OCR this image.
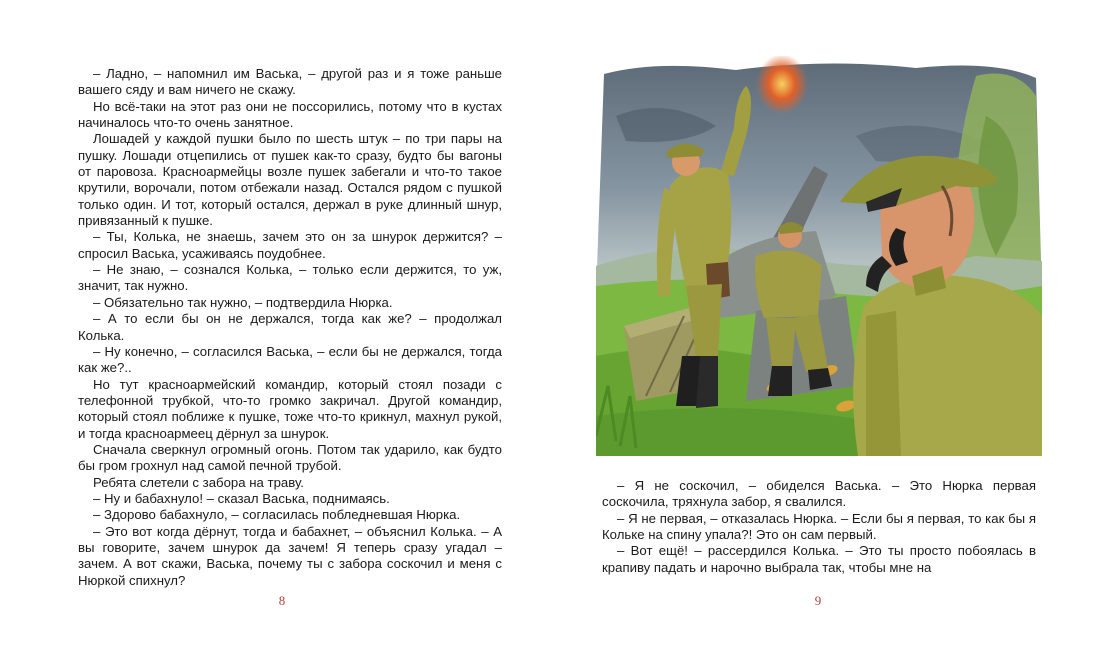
– Ладно, – напомнил им Васька, – другой раз и я тоже раньше вашего сяду и вам ничего не скажу.

Но всё-таки на этот раз они не поссорились, потому что в кустах начиналось что-то очень занятное.

Лошадей у каждой пушки было по шесть штук – по три пары на пушку. Лошади отцепились от пушек как-то сразу, будто бы вагоны от паровоза. Красноармейцы возле пушек забегали и что-то такое крутили, ворочали, потом отбежали назад. Остался рядом с пушкой только один. И тот, который остался, держал в руке длинный шнур, привязанный к пушке.

– Ты, Колька, не знаешь, зачем это он за шнурок держится? – спросил Васька, усаживаясь поудобнее.

– Не знаю, – сознался Колька, – только если держится, то уж, значит, так нужно.

– Обязательно так нужно, – подтвердила Нюрка.

– А то если бы он не держался, тогда как же? – продолжал Колька.

– Ну конечно, – согласился Васька, – если бы не держался, тогда как же?..

Но тут красноармейский командир, который стоял позади с телефонной трубкой, что-то громко закричал. Другой командир, который стоял поближе к пушке, тоже что-то крикнул, махнул рукой, и тогда красноармеец дёрнул за шнурок.

Сначала сверкнул огромный огонь. Потом так ударило, как будто бы гром грохнул над самой печной трубой.

Ребята слетели с забора на траву.

– Ну и бабахнуло! – сказал Васька, поднимаясь.

– Здорово бабахнуло, – согласилась побледневшая Нюрка.

– Это вот когда дёрнут, тогда и бабахнет, – объяснил Колька. – А вы говорите, зачем шнурок да зачем! Я теперь сразу угадал – зачем. А вот скажи, Васька, почему ты с забора соскочил и меня с Нюркой спихнул?

8

– Я не соскочил, – обиделся Васька. – Это Нюрка первая соскочила, тряхнула забор, я свалился.

– Я не первая, – отказалась Нюрка. – Если бы я первая, то как бы я Кольке на спину упала?! Это он сам первый.

– Вот ещё! – рассердился Колька. – Это ты просто побоялась в крапиву падать и нарочно выбрала так, чтобы мне на

9
